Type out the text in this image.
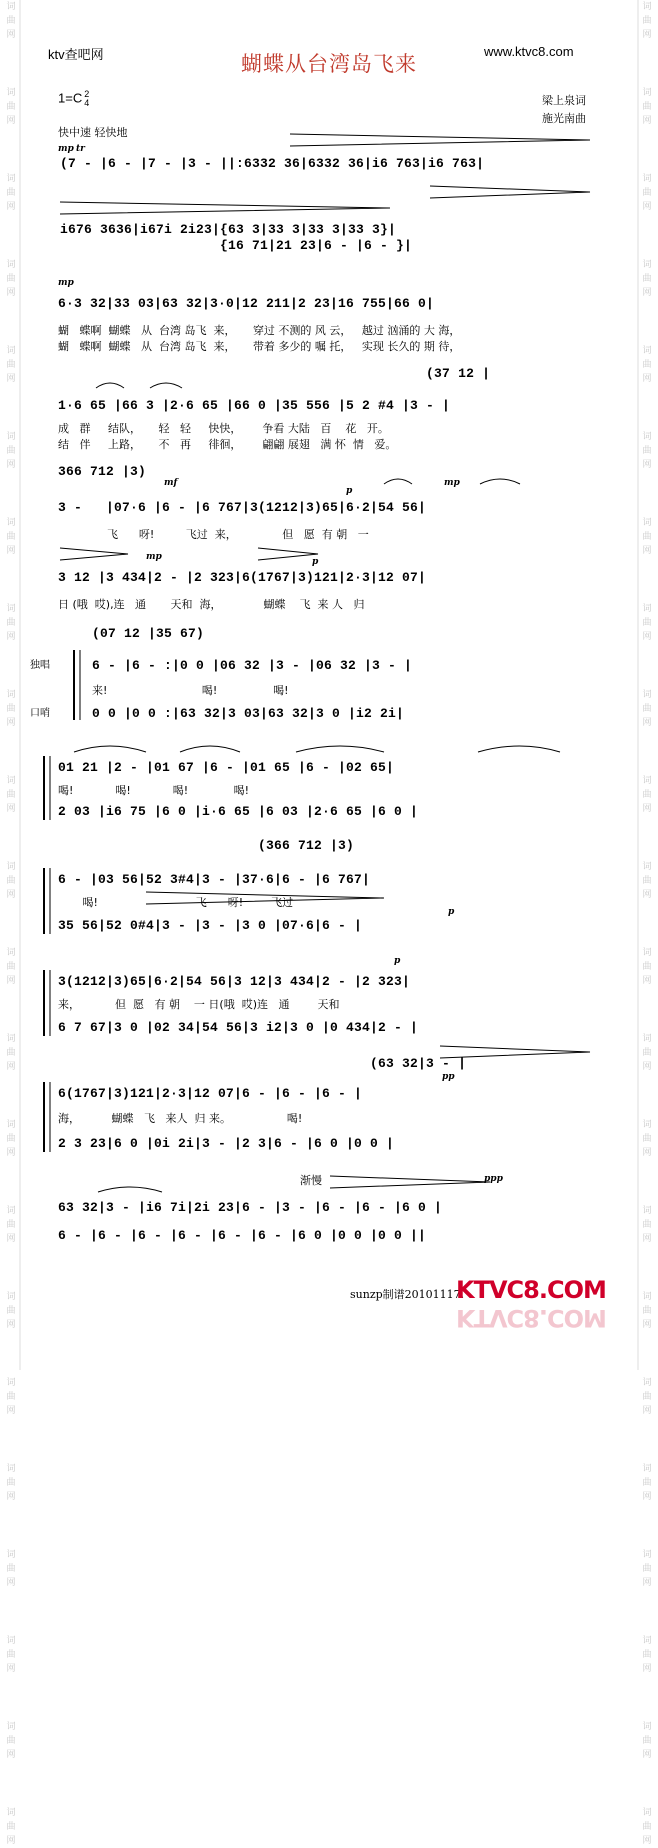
词
曲
网
词
曲
网
词
曲
网
词
曲
网
词
曲
网
词
曲
网
词
曲
网
词
曲
网
词
曲
网
词
曲
网
词
曲
网
词
曲
网
词
曲
网
词
曲
网
词
曲
网
词
曲
网
词
曲
网
词
曲
网
词
曲
网
词
曲
网
词
曲
网
词
曲
网
词
曲
网
词
曲
网
词
曲
网
词
曲
网
词
曲
网
词
曲
网
词
曲
网
词
曲
网
词
曲
网
词
曲
网
词
曲
网
词
曲
网
词
曲
网
词
曲
网
词
曲
网
词
曲
网
词
曲
网
词
曲
网
词
曲
网
词
曲
网
词
曲
网
词
曲
网
ktv查吧网	www.ktvc8.com
蝴蝶从台湾岛飞来
1=C 2
4	梁上泉词
施光南曲
快中速 轻快地
mp tr
mp
mf
p
mp
mp	p
p
p
pp
ppp
渐慢
独唱
口哨
(7 - |6 - |7 - |3 - ||:6332 36|6332 36|i6 763|i6 763|
i676 3636|i67i 2i23|{63 3|33 3|33 3|33 3}|
{16 71|21 23|6 - |6 - }|
6·3 32|33 03|63 32|3·0|12 211|2 23|16 755|66 0|
蝴   蝶啊  蝴蝶   从  台湾 岛飞  来，     穿过 不测的 风 云，   越过 汹涌的 大 海，
蝴   蝶啊  蝴蝶   从  台湾 岛飞  来，     带着 多少的 嘱 托，   实现 长久的 期 待，
(37 12 |
1·6 65 |66 3 |2·6 65 |66 0 |35 556 |5 2 #4 |3 - |
成   群     结队，     轻   轻     快快，      争看 大陆   百    花   开。
结   伴     上路，     不   再     徘徊，      翩翩 展翅   满 怀  情   爱。
366 712 |3)
3 -   |07·6 |6 - |6 767|3(1212|3)65|6·2|54 56|
飞      呀!         飞过  来，             但   愿  有 朝   一
3 12 |3 434|2 - |2 323|6(1767|3)121|2·3|12 07|
日 (哦  哎),连   通       天和  海，            蝴蝶    飞  来 人   归
(07 12 |35 67)
6 - |6 - :|0 0 |06 32 |3 - |06 32 |3 - |
来!                           喝!                喝!
0 0 |0 0 :|63 32|3 03|63 32|3 0 |i2 2i|
01 21 |2 - |01 67 |6 - |01 65 |6 - |02 65|
喝!            喝!            喝!             喝!
2 03 |i6 75 |6 0 |i·6 65 |6 03 |2·6 65 |6 0 |
(366 712 |3)
6 - |03 56|52 3#4|3 - |37·6|6 - |6 767|
喝!                            飞      呀!        飞过
35 56|52 0#4|3 - |3 - |3 0 |07·6|6 - |
3(1212|3)65|6·2|54 56|3 12|3 434|2 - |2 323|
来，          但  愿   有 朝    一 日(哦  哎)连   通        天和
6 7 67|3 0 |02 34|54 56|3 i2|3 0 |0 434|2 - |
(63 32|3 - |
6(1767|3)121|2·3|12 07|6 - |6 - |6 - |
海，         蝴蝶   飞   来人  归 来。                喝!
2 3 23|6 0 |0i 2i|3 - |2 3|6 - |6 0 |0 0 |
63 32|3 - |i6 7i|2i 23|6 - |3 - |6 - |6 - |6 0 |
6 - |6 - |6 - |6 - |6 - |6 - |6 0 |0 0 |0 0 ||
sunzp制谱20101117.
KTVC8.COM
KTVC8.COM
